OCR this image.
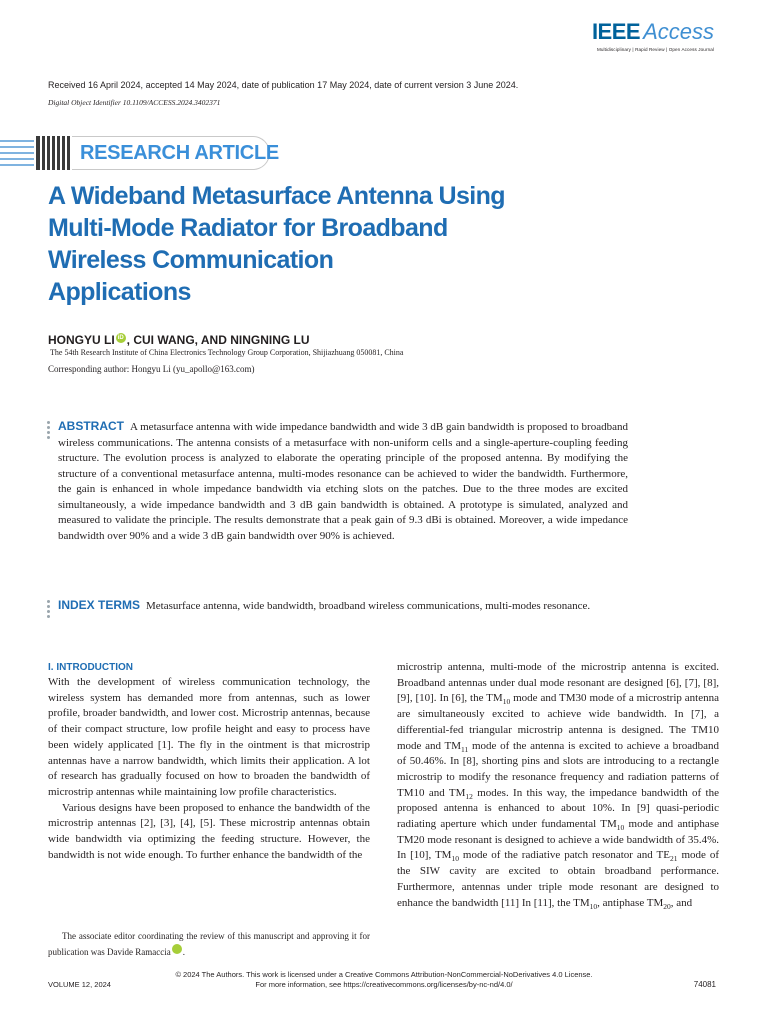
IEEE Access
Multidisciplinary | Rapid Review | Open Access Journal
Received 16 April 2024, accepted 14 May 2024, date of publication 17 May 2024, date of current version 3 June 2024.
Digital Object Identifier 10.1109/ACCESS.2024.3402371
RESEARCH ARTICLE
A Wideband Metasurface Antenna Using
Multi-Mode Radiator for Broadband
Wireless Communication
Applications
HONGYU LI iD , CUI WANG, AND NINGNING LU
The 54th Research Institute of China Electronics Technology Group Corporation, Shijiazhuang 050081, China
Corresponding author: Hongyu Li (yu_apollo@163.com)
ABSTRACT A metasurface antenna with wide impedance bandwidth and wide 3 dB gain bandwidth is proposed to broadband wireless communications. The antenna consists of a metasurface with non-uniform cells and a single-aperture-coupling feeding structure. The evolution process is analyzed to elaborate the operating principle of the proposed antenna. By modifying the structure of a conventional metasurface antenna, multi-modes resonance can be achieved to wider the bandwidth. Furthermore, the gain is enhanced in whole impedance bandwidth via etching slots on the patches. Due to the three modes are excited simultaneously, a wide impedance bandwidth and 3 dB gain bandwidth is obtained. A prototype is simulated, analyzed and measured to validate the principle. The results demonstrate that a peak gain of 9.3 dBi is obtained. Moreover, a wide impedance bandwidth over 90% and a wide 3 dB gain bandwidth over 90% is achieved.
INDEX TERMS Metasurface antenna, wide bandwidth, broadband wireless communications, multi-modes resonance.
I. INTRODUCTION

With the development of wireless communication technology, the wireless system has demanded more from antennas, such as lower profile, broader bandwidth, and lower cost. Microstrip antennas, because of their compact structure, low profile height and easy to process have been widely applicated [1]. The fly in the ointment is that microstrip antennas have a narrow bandwidth, which limits their application. A lot of research has gradually focused on how to broaden the bandwidth of microstrip antennas while maintaining low profile characteristics.

Various designs have been proposed to enhance the bandwidth of the microstrip antennas [2], [3], [4], [5]. These microstrip antennas obtain wide bandwidth via optimizing the feeding structure. However, the bandwidth is not wide enough. To further enhance the bandwidth of the

microstrip antenna, multi-mode of the microstrip antenna is excited. Broadband antennas under dual mode resonant are designed [6], [7], [8], [9], [10]. In [6], the $TM_{10}$ mode and TM30 mode of a microstrip antenna are simultaneously excited to achieve wide bandwidth. In [7], a differential-fed triangular microstrip antenna is designed. The TM10 mode and $TM_{11}$ mode of the antenna is excited to achieve a broadband of 50.46%. In [8], shorting pins and slots are introducing to a rectangle microstrip to modify the resonance frequency and radiation patterns of TM10 and $TM_{12}$ modes. In this way, the impedance bandwidth of the proposed antenna is enhanced to about 10%. In [9] quasi-periodic radiating aperture which under fundamental $TM_{10}$ mode and antiphase TM20 mode resonant is designed to achieve a wide bandwidth of 35.4%. In [10], $TM_{10}$ mode of the radiative patch resonator and $TE_{21}$ mode of the SIW cavity are excited to obtain broadband performance. Furthermore, antennas under triple mode resonant are designed to enhance the bandwidth [11] In [11], the $TM_{10}$, antiphase $TM_{20}$, and

The associate editor coordinating the review of this manuscript and approving it for publication was Davide Ramaccia	iD.

© 2024 The Authors. This work is licensed under a Creative Commons Attribution-NonCommercial-NoDerivatives 4.0 License.
For more information, see https://creativecommons.org/licenses/by-nc-nd/4.0/
VOLUME 12, 2024	74081
